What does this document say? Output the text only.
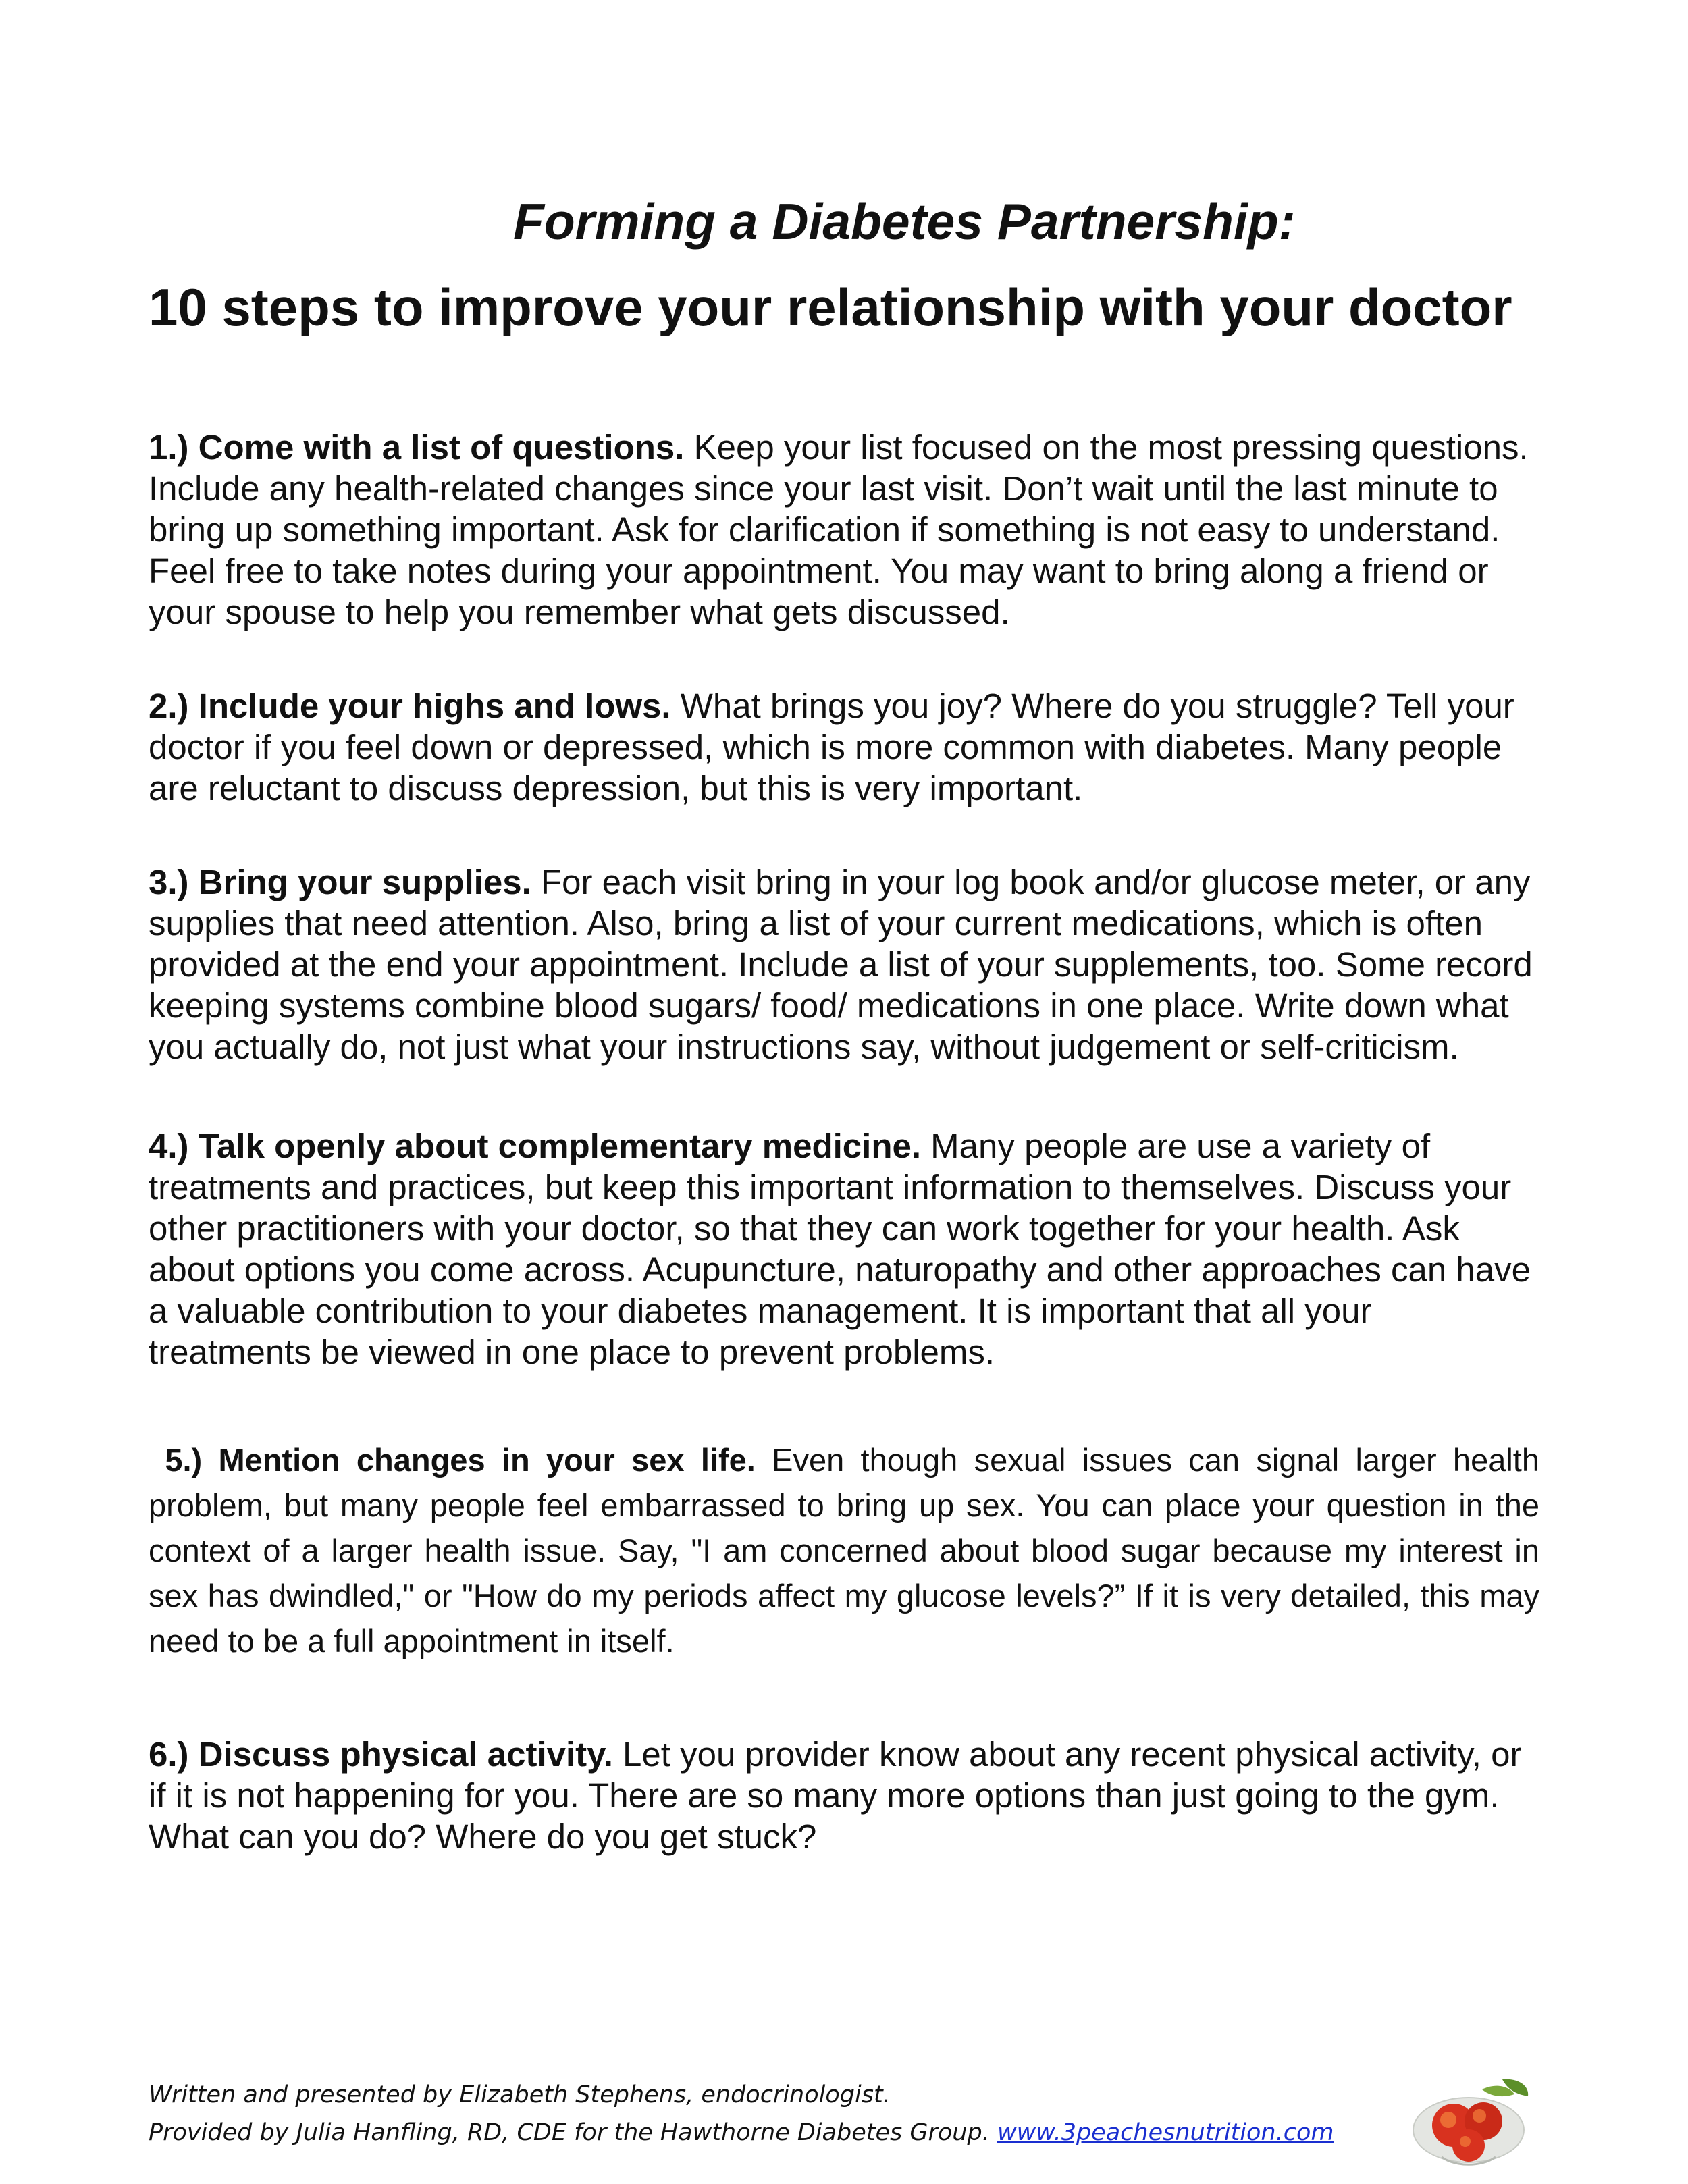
Forming a Diabetes Partnership:
10 steps to improve your relationship with your doctor

1.) Come with a list of questions. Keep your list focused on the most pressing questions. Include any health-related changes since your last visit. Don’t wait until the last minute to bring up something important. Ask for clarification if something is not easy to understand. Feel free to take notes during your appointment. You may want to bring along a friend or your spouse to help you remember what gets discussed.

2.) Include your highs and lows. What brings you joy? Where do you struggle? Tell your doctor if you feel down or depressed, which is more common with diabetes. Many people are reluctant to discuss depression, but this is very important.

3.) Bring your supplies. For each visit bring in your log book and/or glucose meter, or any supplies that need attention. Also, bring a list of your current medications, which is often provided at the end your appointment. Include a list of your supplements, too. Some record keeping systems combine blood sugars/ food/ medications in one place. Write down what you actually do, not just what your instructions say, without judgement or self-criticism.

4.) Talk openly about complementary medicine. Many people are use a variety of treatments and practices, but keep this important information to themselves. Discuss your other practitioners with your doctor, so that they can work together for your health. Ask about options you come across. Acupuncture, naturopathy and other approaches can have a valuable contribution to your diabetes management. It is important that all your treatments be viewed in one place to prevent problems.

5.) Mention changes in your sex life. Even though sexual issues can signal larger health problem, but many people feel embarrassed to bring up sex. You can place your question in the context of a larger health issue. Say, "I am concerned about blood sugar because my interest in sex has dwindled," or "How do my periods affect my glucose levels?” If it is very detailed, this may need to be a full appointment in itself.

6.) Discuss physical activity. Let you provider know about any recent physical activity, or if it is not happening for you. There are so many more options than just going to the gym. What can you do? Where do you get stuck?

Written and presented by Elizabeth Stephens, endocrinologist.
Provided by Julia Hanfling, RD, CDE for the Hawthorne Diabetes Group. www.3peachesnutrition.com
